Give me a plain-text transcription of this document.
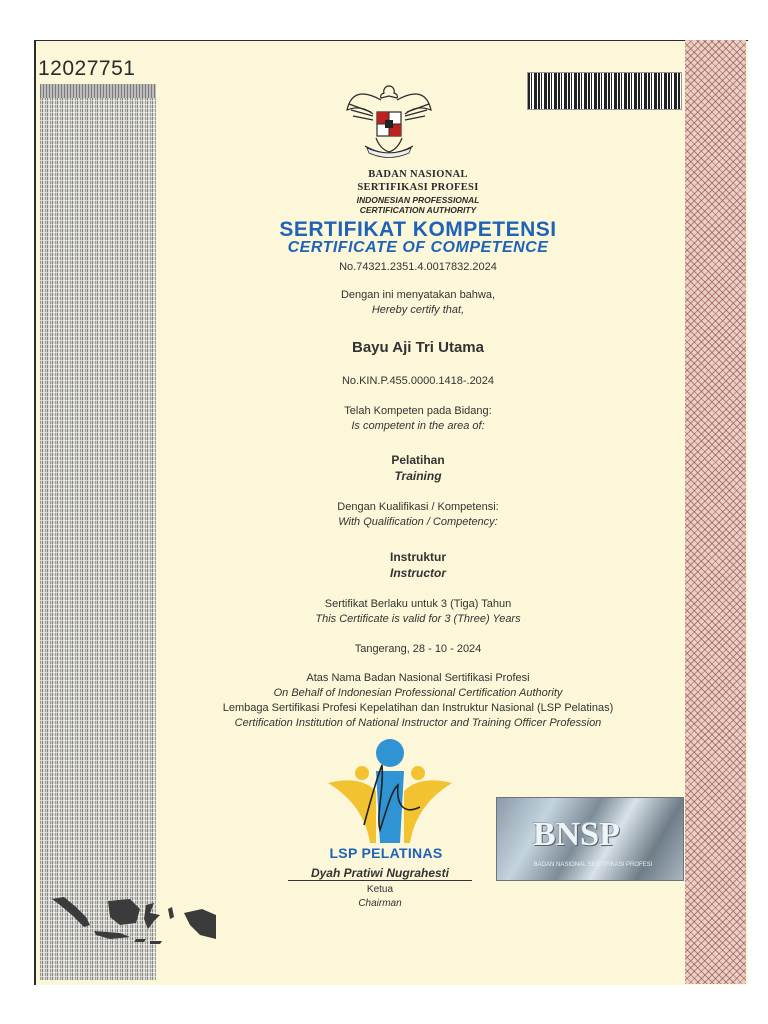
12027751
BADAN NASIONAL
SERTIFIKASI PROFESI
INDONESIAN PROFESSIONAL
CERTIFICATION AUTHORITY
SERTIFIKAT KOMPETENSI
CERTIFICATE OF COMPETENCE
No.74321.2351.4.0017832.2024
Dengan ini menyatakan bahwa,
Hereby certify that,
Bayu Aji Tri Utama
No.KIN.P.455.0000.1418-.2024
Telah Kompeten pada Bidang:
Is competent in the area of:
Pelatihan
Training
Dengan Kualifikasi / Kompetensi:
With Qualification / Competency:
Instruktur
Instructor
Sertifikat Berlaku untuk 3 (Tiga) Tahun
This Certificate is valid for 3 (Three) Years
Tangerang, 28 - 10 - 2024
Atas Nama Badan Nasional Sertifikasi Profesi
On Behalf of Indonesian Professional Certification Authority
Lembaga Sertifikasi Profesi Kepelatihan dan Instruktur Nasional (LSP Pelatinas)
Certification Institution of National Instructor and Training Officer Profession
LSP PELATINAS
Dyah Pratiwi Nugrahesti
Ketua
Chairman
BNSP
BADAN NASIONAL SERTIFIKASI PROFESI
